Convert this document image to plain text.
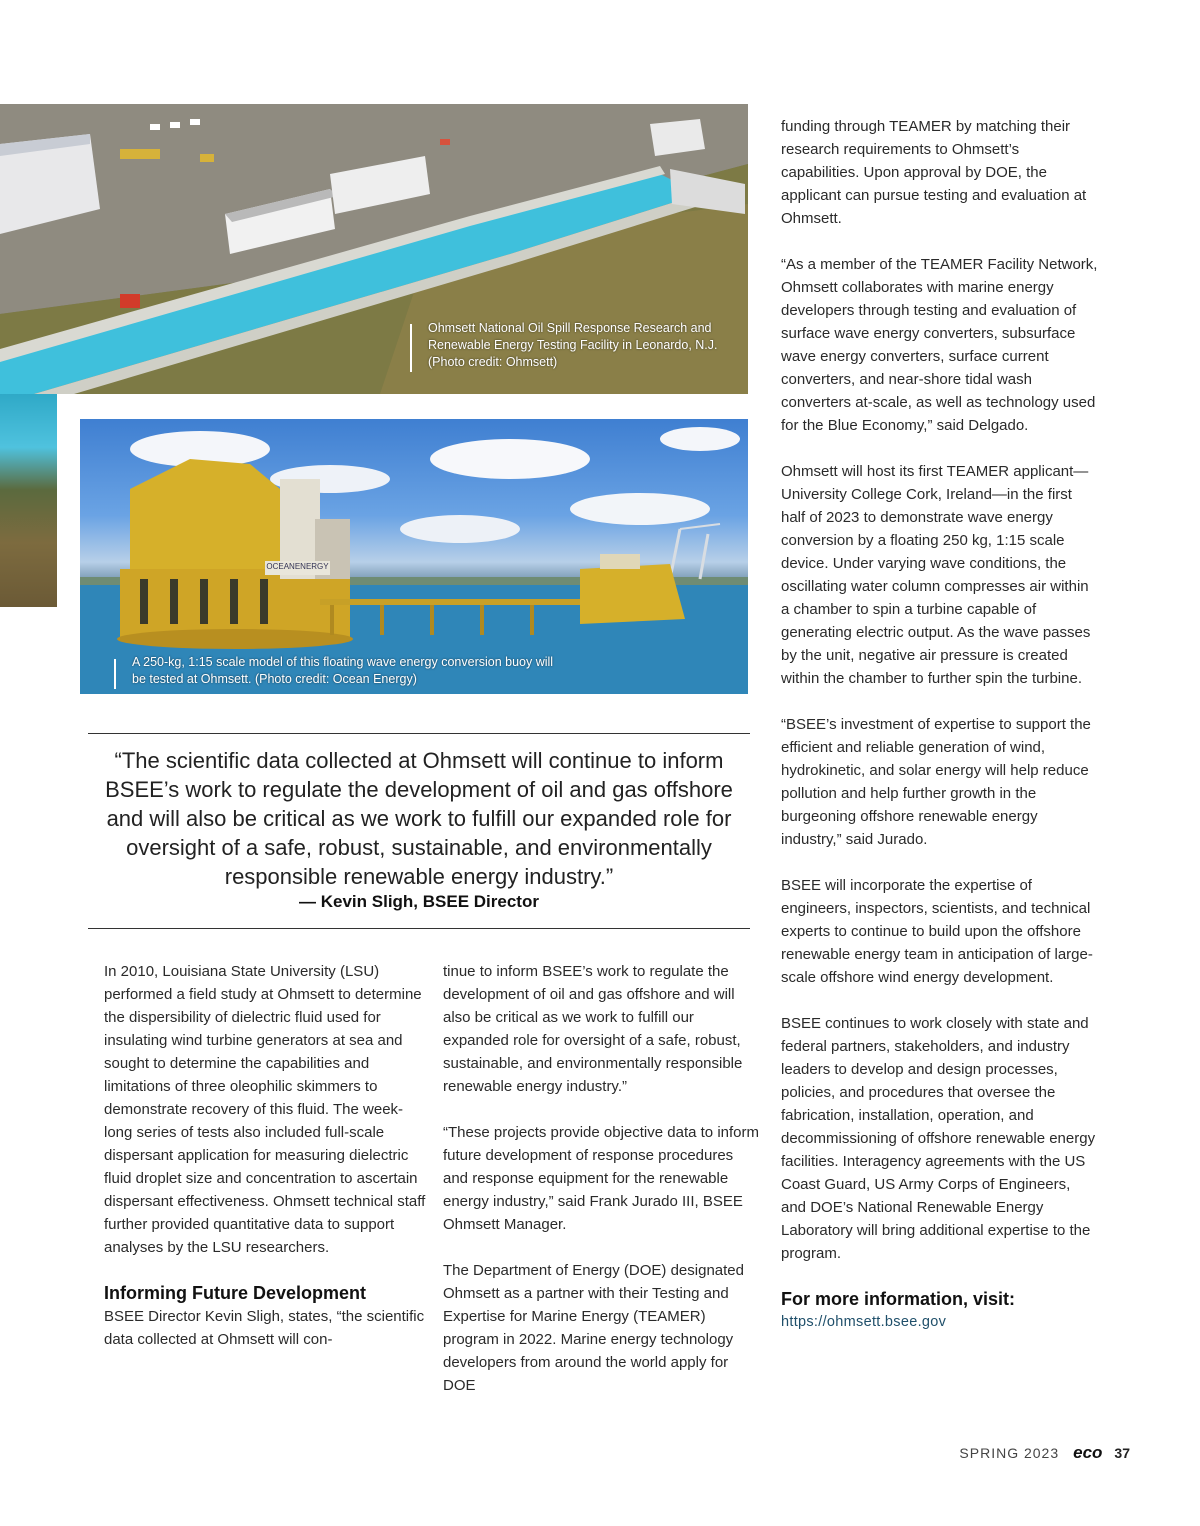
Ohmsett National Oil Spill Response Research and Renewable Energy Testing Facility in Leonardo, N.J. (Photo credit: Ohmsett)
OCEANENERGY
A 250-kg, 1:15 scale model of this floating wave energy conversion buoy will be tested at Ohmsett. (Photo credit: Ocean Energy)
“The scientific data collected at Ohmsett will continue to inform BSEE’s work to regulate the development of oil and gas offshore and will also be critical as we work to fulfill our expanded role for oversight of a safe, robust, sustainable, and environmentally responsible renewable energy industry.”
— Kevin Sligh, BSEE Director

In 2010, Louisiana State University (LSU) performed a field study at Ohmsett to determine the dispersibility of dielectric fluid used for insulating wind turbine generators at sea and sought to determine the capabilities and limitations of three oleophilic skimmers to demonstrate recovery of this fluid. The week-long series of tests also included full-scale dispersant application for measuring dielectric fluid droplet size and concentration to ascertain dispersant effectiveness. Ohmsett technical staff further provided quantitative data to support analyses by the LSU researchers.

Informing Future Development

BSEE Director Kevin Sligh, states, “the scientific data collected at Ohmsett will con-

tinue to inform BSEE’s work to regulate the development of oil and gas offshore and will also be critical as we work to fulfill our expanded role for oversight of a safe, robust, sustainable, and environmentally responsible renewable energy industry.”

“These projects provide objective data to inform future development of response procedures and response equipment for the renewable energy industry,” said Frank Jurado III, BSEE Ohmsett Manager.

The Department of Energy (DOE) designated Ohmsett as a partner with their Testing and Expertise for Marine Energy (TEAMER) program in 2022. Marine energy technology developers from around the world apply for DOE

funding through TEAMER by matching their research requirements to Ohmsett’s capabilities. Upon approval by DOE, the applicant can pursue testing and evaluation at Ohmsett.

“As a member of the TEAMER Facility Network, Ohmsett collaborates with marine energy developers through testing and evaluation of surface wave energy converters, subsurface wave energy converters, surface current converters, and near-shore tidal wash converters at-scale, as well as technology used for the Blue Economy,” said Delgado.

Ohmsett will host its first TEAMER applicant—University College Cork, Ireland—in the first half of 2023 to demonstrate wave energy conversion by a floating 250 kg, 1:15 scale device. Under varying wave conditions, the oscillating water column compresses air within a chamber to spin a turbine capable of generating electric output. As the wave passes by the unit, negative air pressure is created within the chamber to further spin the turbine.

“BSEE’s investment of expertise to support the efficient and reliable generation of wind, hydrokinetic, and solar energy will help reduce pollution and help further growth in the burgeoning offshore renewable energy industry,” said Jurado.

BSEE will incorporate the expertise of engineers, inspectors, scientists, and technical experts to continue to build upon the offshore renewable energy team in anticipation of large-scale offshore wind energy development.

BSEE continues to work closely with state and federal partners, stakeholders, and industry leaders to develop and design processes, policies, and procedures that oversee the fabrication, installation, operation, and decommissioning of offshore renewable energy facilities. Interagency agreements with the US Coast Guard, US Army Corps of Engineers, and DOE’s National Renewable Energy Laboratory will bring additional expertise to the program.

For more information, visit:

https://ohmsett.bsee.gov
SPRING 2023 eco 37
